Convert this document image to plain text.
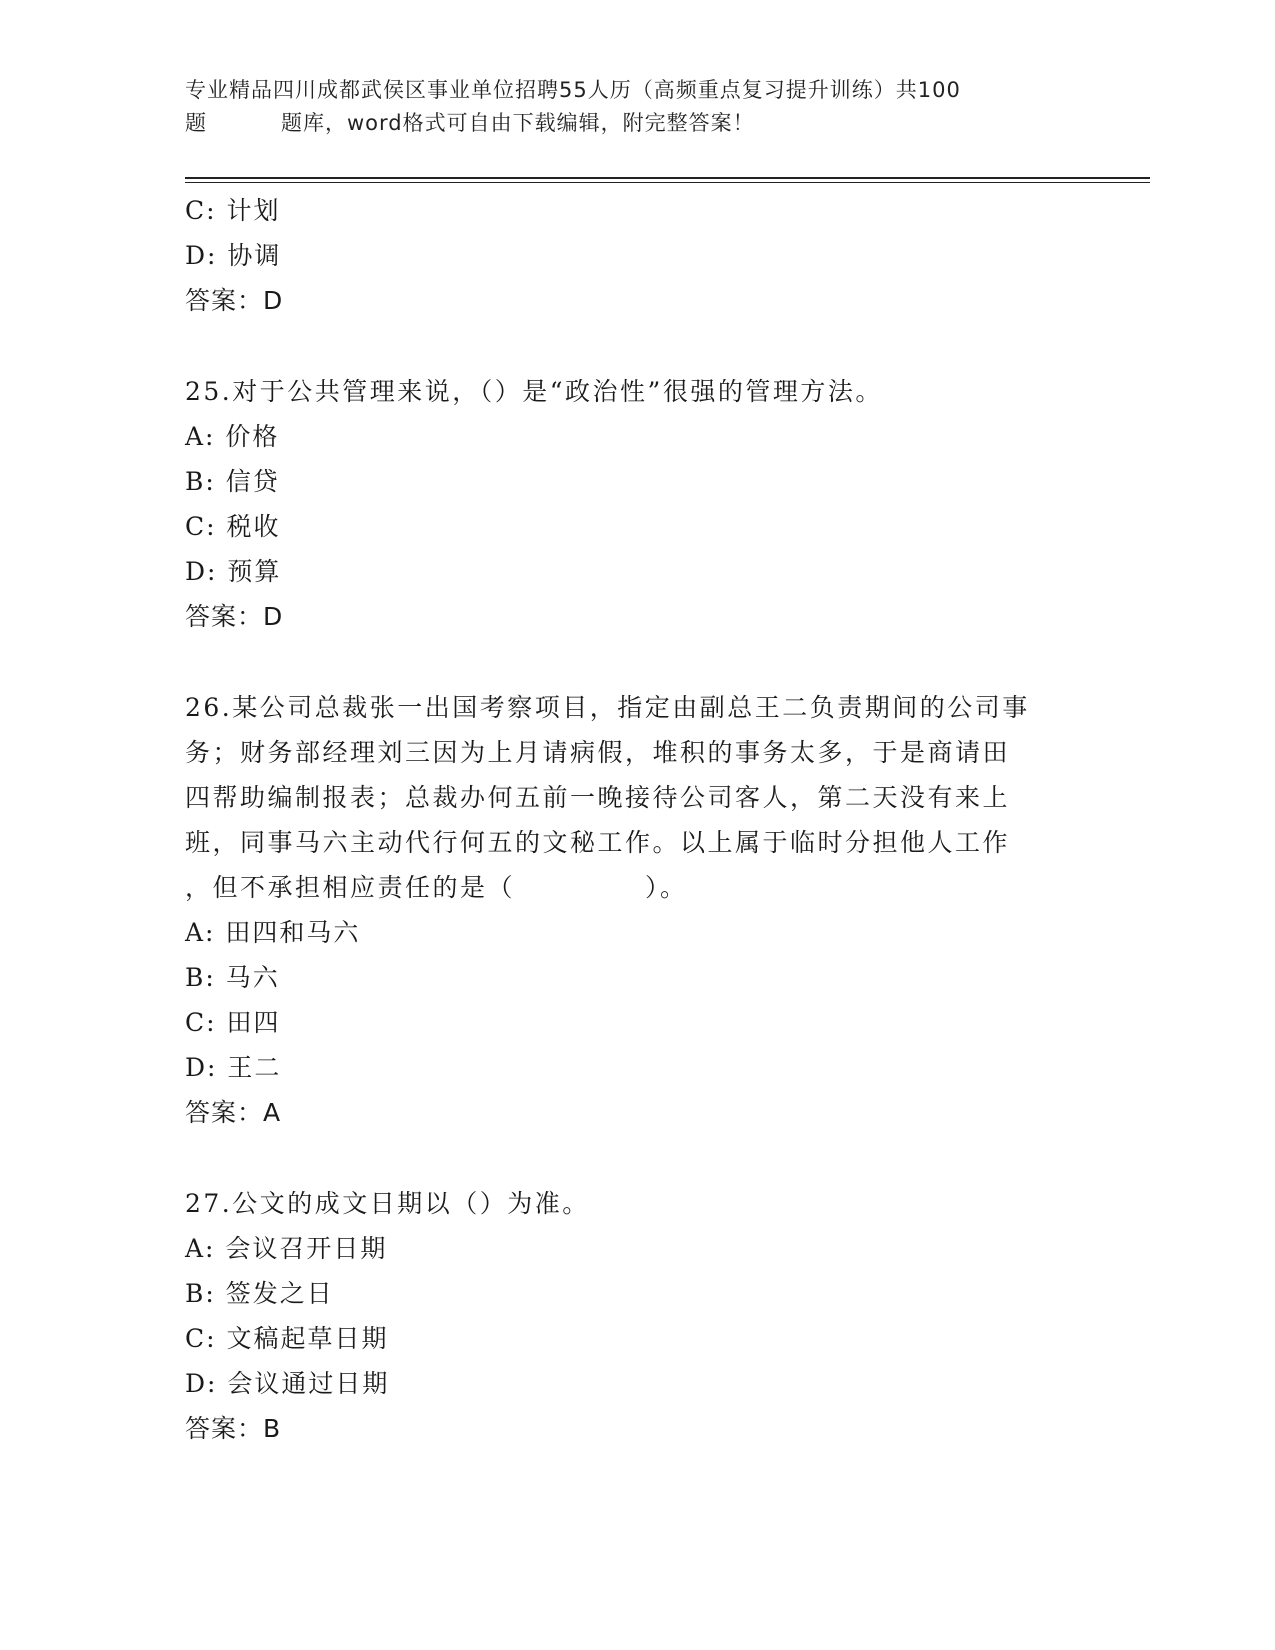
专业精品四川成都武侯区事业单位招聘55人历（高频重点复习提升训练）共100
题	题库，word格式可自由下载编辑，附完整答案！
C: 计划
D: 协调
答案：D
25.对于公共管理来说，（）是“政治性”很强的管理方法。
A: 价格
B: 信贷
C: 税收
D: 预算
答案：D
26.某公司总裁张一出国考察项目，指定由副总王二负责期间的公司事
务；财务部经理刘三因为上月请病假，堆积的事务太多，于是商请田
四帮助编制报表；总裁办何五前一晚接待公司客人，第二天没有来上
班，同事马六主动代行何五的文秘工作。以上属于临时分担他人工作
，但不承担相应责任的是（	）。
A: 田四和马六
B: 马六
C: 田四
D: 王二
答案：A
27.公文的成文日期以（）为准。
A: 会议召开日期
B: 签发之日
C: 文稿起草日期
D: 会议通过日期
答案：B
